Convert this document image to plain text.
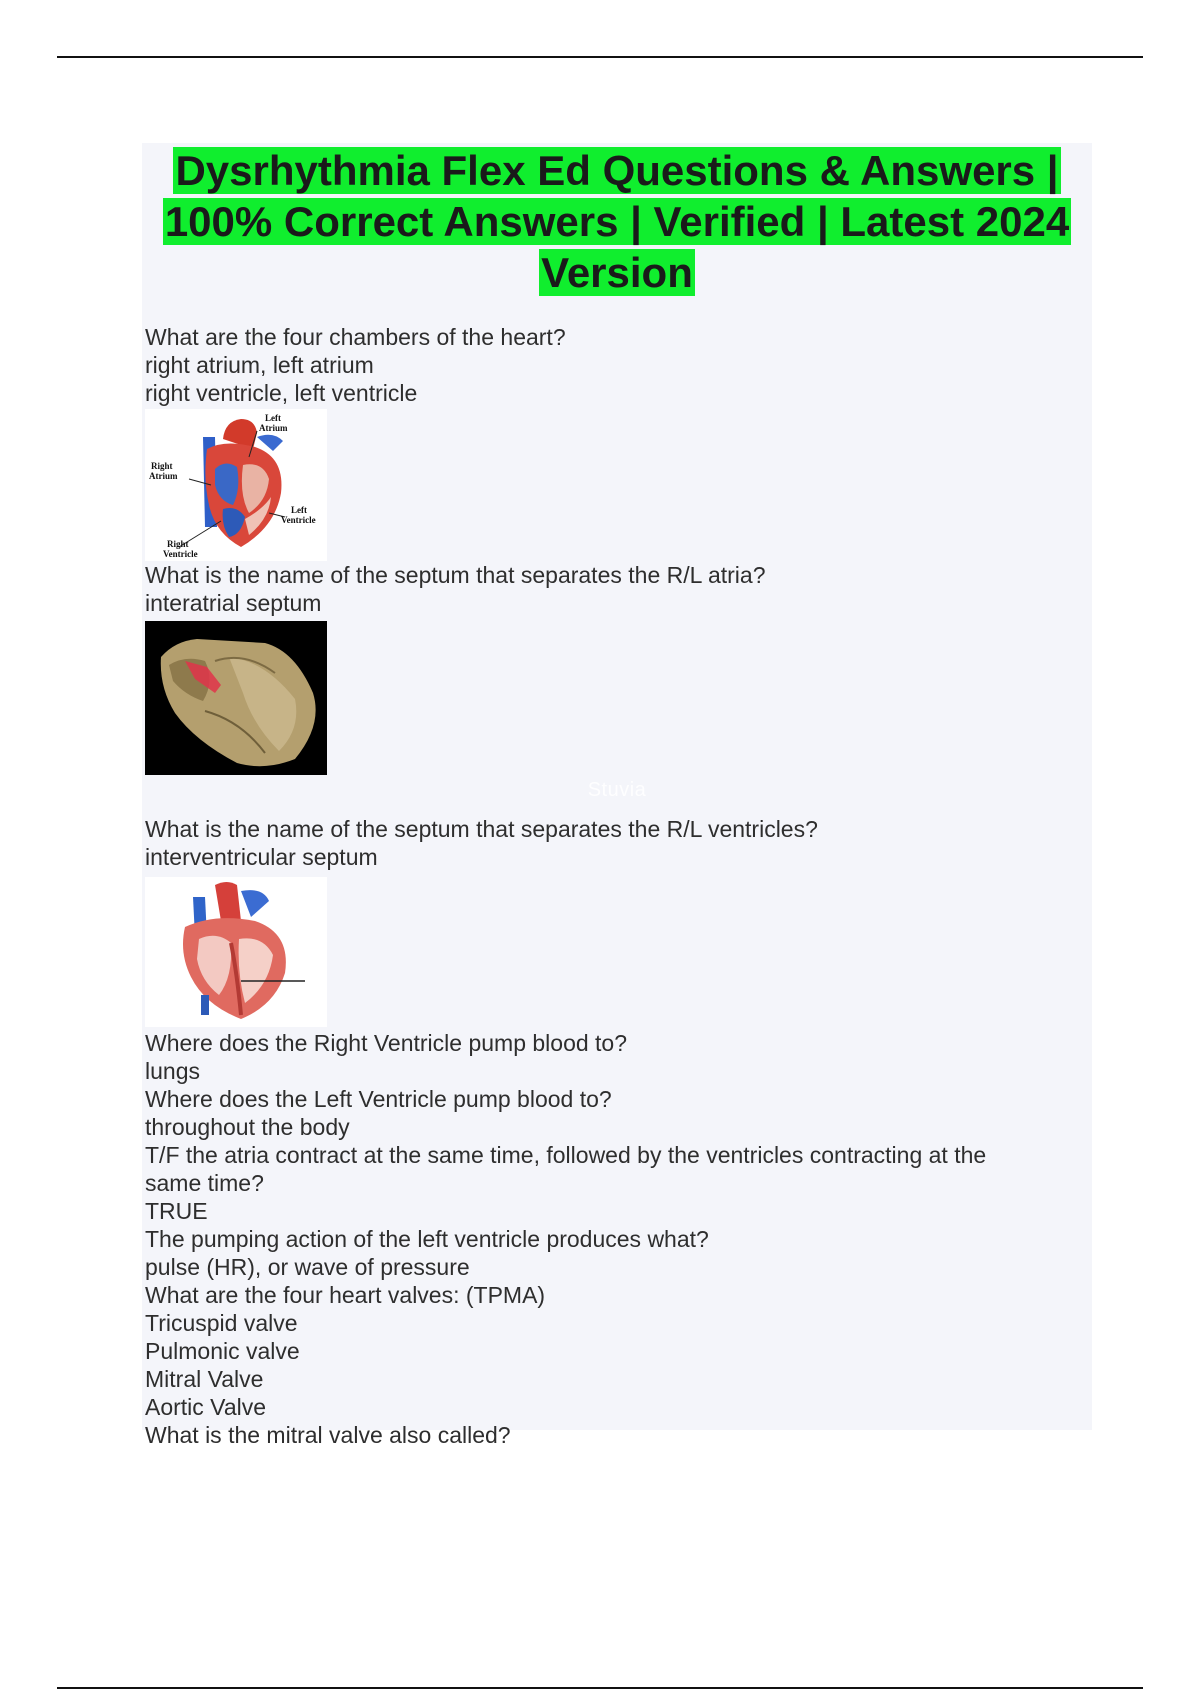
Dysrhythmia Flex Ed Questions & Answers | 100% Correct Answers | Verified | Latest 2024 Version
Stuvia
What are the four chambers of the heart?
right atrium, left atrium
right ventricle, left ventricle
Left
Atrium
Right
Atrium
Left
Ventricle
Right
Ventricle
What is the name of the septum that separates the R/L atria?
interatrial septum
What is the name of the septum that separates the R/L ventricles?
interventricular septum
Where does the Right Ventricle pump blood to?
lungs
Where does the Left Ventricle pump blood to?
throughout the body
T/F the atria contract at the same time, followed by the ventricles contracting at the
same time?
TRUE
The pumping action of the left ventricle produces what?
pulse (HR), or wave of pressure
What are the four heart valves: (TPMA)
Tricuspid valve
Pulmonic valve
Mitral Valve
Aortic Valve
What is the mitral valve also called?
